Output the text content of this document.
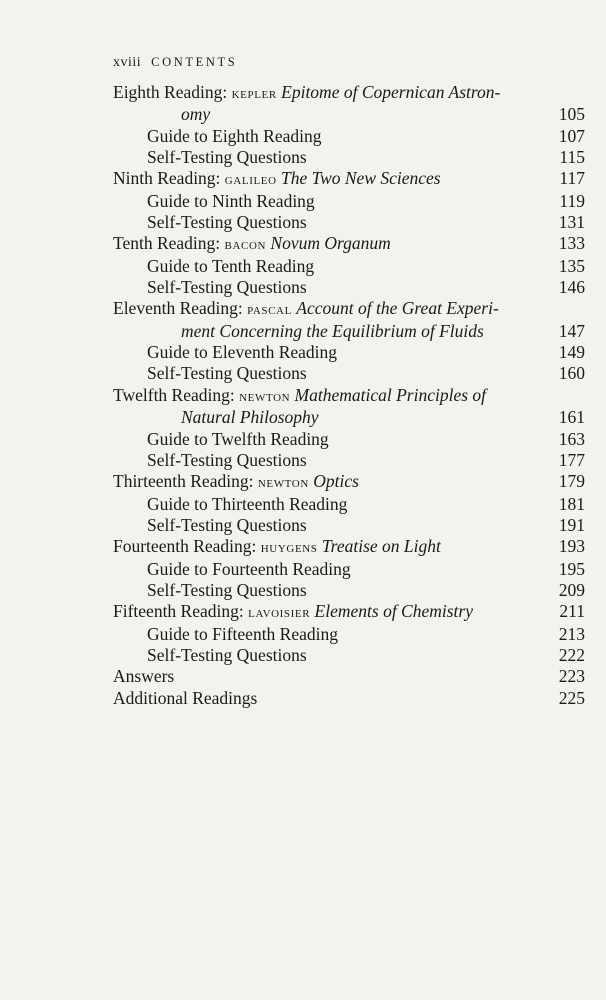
xviii CONTENTS
Eighth Reading: kepler Epitome of Copernican Astron-
omy	105
Guide to Eighth Reading	107
Self-Testing Questions	115
Ninth Reading: galileo The Two New Sciences	117
Guide to Ninth Reading	119
Self-Testing Questions	131
Tenth Reading: bacon Novum Organum	133
Guide to Tenth Reading	135
Self-Testing Questions	146
Eleventh Reading: pascal Account of the Great Experi-
ment Concerning the Equilibrium of Fluids	147
Guide to Eleventh Reading	149
Self-Testing Questions	160
Twelfth Reading: newton Mathematical Principles of
Natural Philosophy	161
Guide to Twelfth Reading	163
Self-Testing Questions	177
Thirteenth Reading: newton Optics	179
Guide to Thirteenth Reading	181
Self-Testing Questions	191
Fourteenth Reading: huygens Treatise on Light	193
Guide to Fourteenth Reading	195
Self-Testing Questions	209
Fifteenth Reading: lavoisier Elements of Chemistry	211
Guide to Fifteenth Reading	213
Self-Testing Questions	222
Answers	223
Additional Readings	225
